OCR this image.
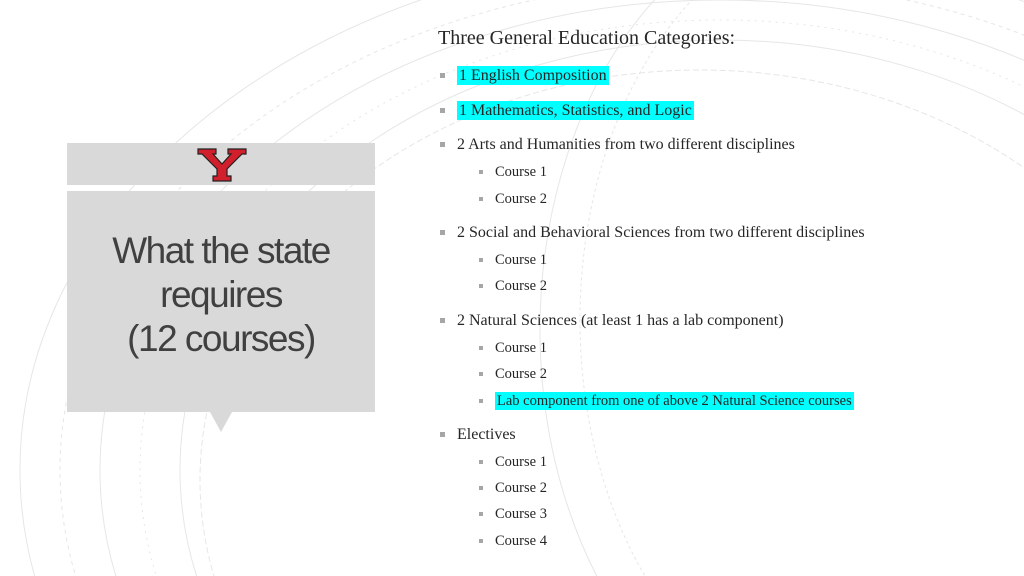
What the state
requires
(12 courses)
Three General Education Categories:
1 English Composition
1 Mathematics, Statistics, and Logic
2 Arts and Humanities from two different disciplines
Course 1
Course 2
2 Social and Behavioral Sciences from two different disciplines
Course 1
Course 2
2 Natural Sciences (at least 1 has a lab component)
Course 1
Course 2
Lab component from one of above 2 Natural Science courses
Electives
Course 1
Course 2
Course 3
Course 4
